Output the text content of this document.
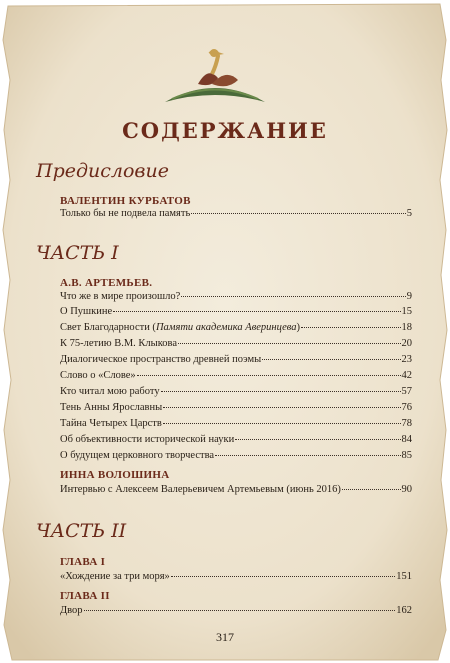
СОДЕРЖАНИЕ
Предисловие
ВАЛЕНТИН КУРБАТОВ
Только бы не подвела память	5
ЧАСТЬ I
А.В. АРТЕМЬЕВ.
Что же в мире произошло?	9
О Пушкине	15
Свет Благодарности (Памяти академика Аверинцева)	18
К 75-летию В.М. Клыкова	20
Диалогическое пространство древней поэмы	23
Слово о «Слове»	42
Кто читал мою работу	57
Тень Анны Ярославны	76
Тайна Четырех Царств	78
Об объективности исторической науки	84
О будущем церковного творчества	85
ИННА ВОЛОШИНА
Интервью с Алексеем Валерьевичем Артемьевым (июнь 2016)	90
ЧАСТЬ II
ГЛАВА I
«Хождение за три моря»	151
ГЛАВА II
Двор	162
317
